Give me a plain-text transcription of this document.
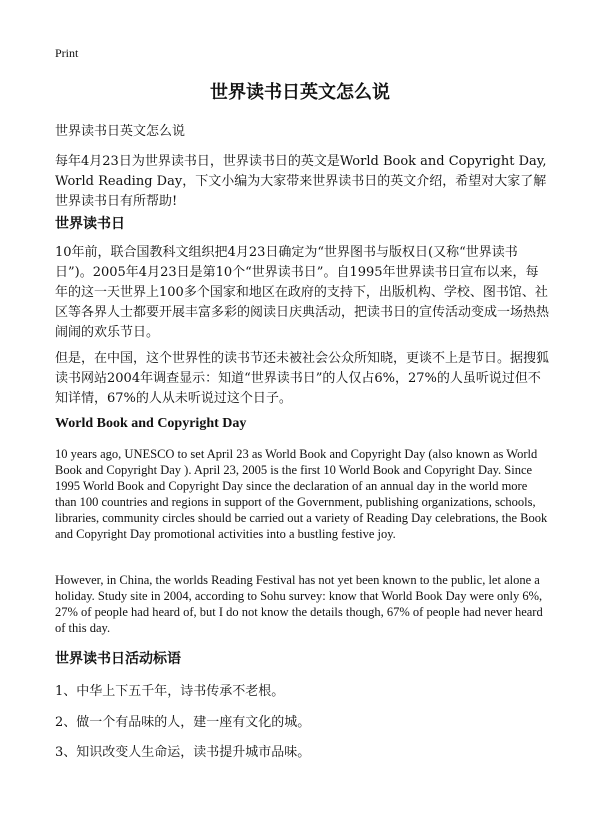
Print
世界读书日英文怎么说
世界读书日英文怎么说

每年4月23日为世界读书日，世界读书日的英文是World Book and Copyright Day, World Reading Day，下文小编为大家带来世界读书日的英文介绍，希望对大家了解世界读书日有所帮助!

世界读书日

10年前，联合国教科文组织把4月23日确定为“世界图书与版权日(又称“世界读书日”)。2005年4月23日是第10个“世界读书日”。自1995年世界读书日宣布以来，每年的这一天世界上100多个国家和地区在政府的支持下，出版机构、学校、图书馆、社区等各界人士都要开展丰富多彩的阅读日庆典活动，把读书日的宣传活动变成一场热热闹闹的欢乐节日。

但是，在中国，这个世界性的读书节还未被社会公众所知晓，更谈不上是节日。据搜狐读书网站2004年调查显示：知道“世界读书日”的人仅占6%，27%的人虽听说过但不知详情，67%的人从未听说过这个日子。

World Book and Copyright Day

10 years ago, UNESCO to set April 23 as World Book and Copyright Day (also known as World Book and Copyright Day ). April 23, 2005 is the first 10 World Book and Copyright Day. Since 1995 World Book and Copyright Day since the declaration of an annual day in the world more than 100 countries and regions in support of the Government, publishing organizations, schools, libraries, community circles should be carried out a variety of Reading Day celebrations, the Book and Copyright Day promotional activities into a bustling festive joy.

However, in China, the worlds Reading Festival has not yet been known to the public, let alone a holiday. Study site in 2004, according to Sohu survey: know that World Book Day were only 6%, 27% of people had heard of, but I do not know the details though, 67% of people had never heard of this day.

世界读书日活动标语

1、中华上下五千年，诗书传承不老根。

2、做一个有品味的人，建一座有文化的城。

3、知识改变人生命运，读书提升城市品味。
